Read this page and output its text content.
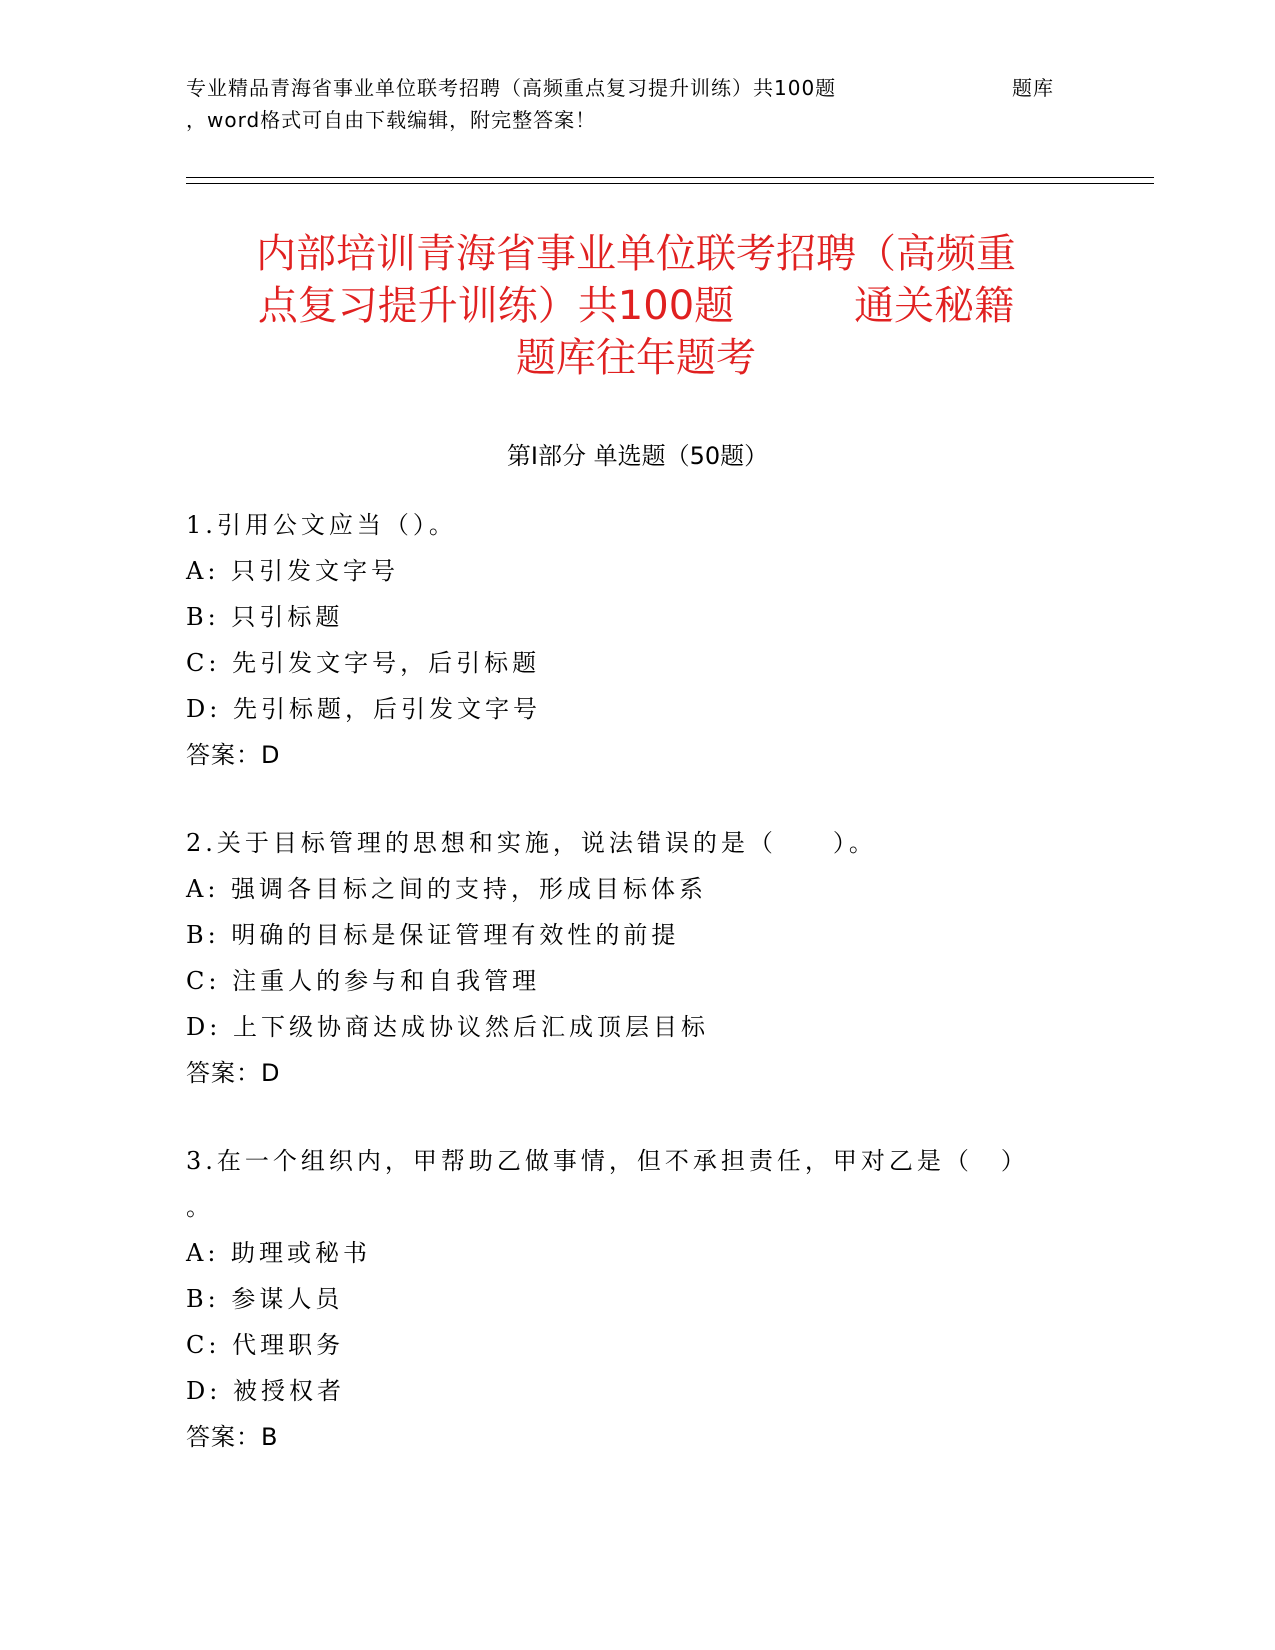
专业精品青海省事业单位联考招聘（高频重点复习提升训练）共100题	题库
，word格式可自由下载编辑，附完整答案！
内部培训青海省事业单位联考招聘（高频重
点复习提升训练）共100题　　　通关秘籍
题库往年题考
第I部分 单选题（50题）
1.引用公文应当（）。
A: 只引发文字号
B: 只引标题
C: 先引发文字号，后引标题
D: 先引标题，后引发文字号
答案：D
2.关于目标管理的思想和实施，说法错误的是（　　）。
A: 强调各目标之间的支持，形成目标体系
B: 明确的目标是保证管理有效性的前提
C: 注重人的参与和自我管理
D: 上下级协商达成协议然后汇成顶层目标
答案：D
3.在一个组织内，甲帮助乙做事情，但不承担责任，甲对乙是（　）
。
A: 助理或秘书
B: 参谋人员
C: 代理职务
D: 被授权者
答案：B
